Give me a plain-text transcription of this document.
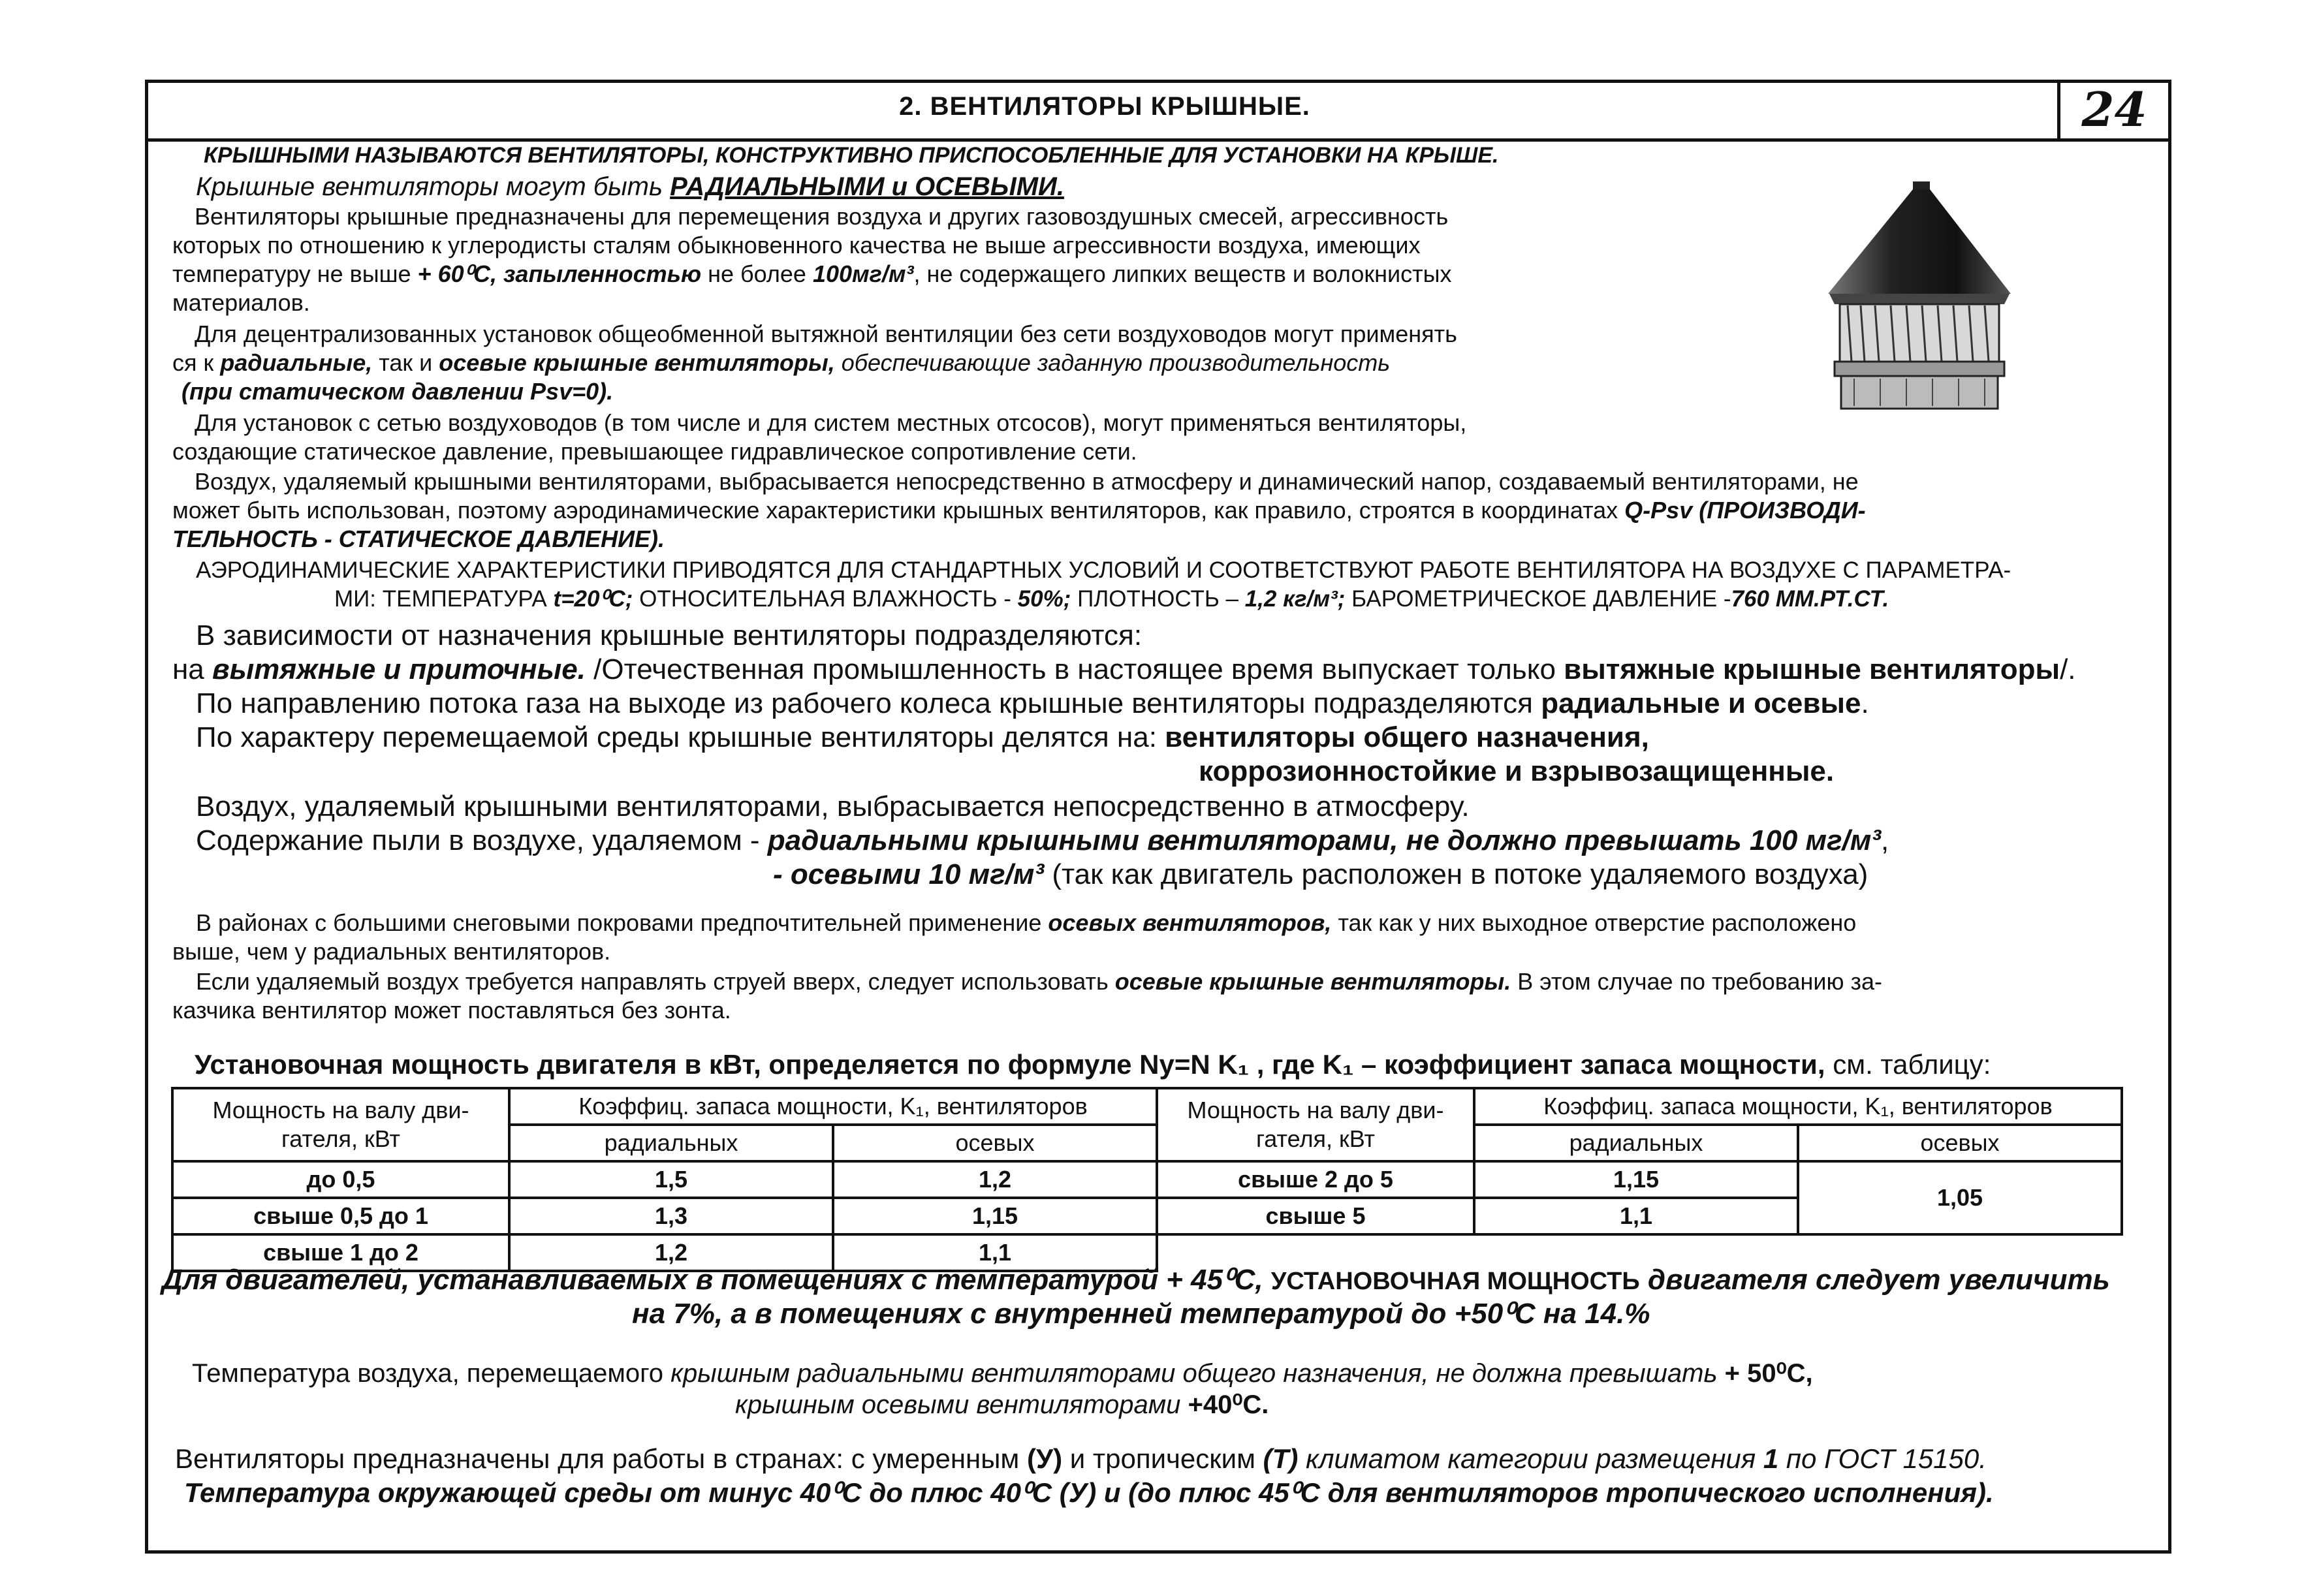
2. ВЕНТИЛЯТОРЫ КРЫШНЫЕ.	24
КРЫШНЫМИ НАЗЫВАЮТСЯ ВЕНТИЛЯТОРЫ, КОНСТРУКТИВНО ПРИСПОСОБЛЕННЫЕ ДЛЯ УСТАНОВКИ НА КРЫШЕ.
Крышные вентиляторы могут быть РАДИАЛЬНЫМИ и ОСЕВЫМИ.
Вентиляторы крышные предназначены для перемещения воздуха и других газовоздушных смесей, агрессивность
которых по отношению к углеродисты сталям обыкновенного качества не выше агрессивности воздуха, имеющих
температуру не выше + 60⁰С, запыленностью не более 100мг/м³, не содержащего липких веществ и волокнистых
материалов.
Для децентрализованных установок общеобменной вытяжной вентиляции без сети воздуховодов могут применять
ся к радиальные, так и осевые крышные вентиляторы, обеспечивающие заданную производительность
(при статическом давлении Psv=0).
Для установок с сетью воздуховодов (в том числе и для систем местных отсосов), могут применяться вентиляторы,
создающие статическое давление, превышающее гидравлическое сопротивление сети.
Воздух, удаляемый крышными вентиляторами, выбрасывается непосредственно в атмосферу и динамический напор, создаваемый вентиляторами, не
может быть использован, поэтому аэродинамические характеристики крышных вентиляторов, как правило, строятся в координатах Q-Psv (ПРОИЗВОДИ-
ТЕЛЬНОСТЬ - СТАТИЧЕСКОЕ ДАВЛЕНИЕ).
АЭРОДИНАМИЧЕСКИЕ ХАРАКТЕРИСТИКИ ПРИВОДЯТСЯ ДЛЯ СТАНДАРТНЫХ УСЛОВИЙ И СООТВЕТСТВУЮТ РАБОТЕ ВЕНТИЛЯТОРА НА ВОЗДУХЕ С ПАРАМЕТРА-
МИ: ТЕМПЕРАТУРА t=20⁰С; ОТНОСИТЕЛЬНАЯ ВЛАЖНОСТЬ - 50%; ПЛОТНОСТЬ – 1,2 кг/м³; БАРОМЕТРИЧЕСКОЕ ДАВЛЕНИЕ -760 ММ.РТ.СТ.
В зависимости от назначения крышные вентиляторы подразделяются:
на вытяжные и приточные. /Отечественная промышленность в настоящее время выпускает только вытяжные крышные вентиляторы/.
По направлению потока газа на выходе из рабочего колеса крышные вентиляторы подразделяются радиальные и осевые.
По характеру перемещаемой среды крышные вентиляторы делятся на: вентиляторы общего назначения,
коррозионностойкие и взрывозащищенные.
Воздух, удаляемый крышными вентиляторами, выбрасывается непосредственно в атмосферу.
Содержание пыли в воздухе, удаляемом - радиальными крышными вентиляторами, не должно превышать 100 мг/м³,
- осевыми 10 мг/м³ (так как двигатель расположен в потоке удаляемого воздуха)
В районах с большими снеговыми покровами предпочтительней применение осевых вентиляторов, так как у них выходное отверстие расположено
выше, чем у радиальных вентиляторов.
Если удаляемый воздух требуется направлять струей вверх, следует использовать осевые крышные вентиляторы. В этом случае по требованию за-
казчика вентилятор может поставляться без зонта.
Установочная мощность двигателя в кВт, определяется по формуле Nу=N K₁ , где K₁ – коэффициент запаса мощности, см. таблицу:
Мощность на валу дви-гателя, кВт	Коэффиц. запаса мощности, K₁, вентиляторов		Мощность на валу дви-гателя, кВт	Коэффиц. запаса мощности, K₁, вентиляторов	
	радиальных	осевых		радиальных	осевых
до 0,5	1,5	1,2	свыше 2 до 5	1,15	1,05
свыше 0,5 до 1	1,3	1,15	свыше 5	1,1	
свыше 1 до 2	1,2	1,1			
Для двигателей, устанавливаемых в помещениях с температурой + 45⁰С, УСТАНОВОЧНАЯ МОЩНОСТЬ двигателя следует увеличить
на 7%, а в помещениях с внутренней температурой до +50⁰С на 14.%
Температура воздуха, перемещаемого крышным радиальными вентиляторами общего назначения, не должна превышать + 50⁰С,
крышным осевыми вентиляторами +40⁰С.
Вентиляторы предназначены для работы в странах: с умеренным (У) и тропическим (Т) климатом категории размещения 1 по ГОСТ 15150.
Температура окружающей среды от минус 40⁰С до плюс 40⁰С (У) и (до плюс 45⁰С для вентиляторов тропического исполнения).
